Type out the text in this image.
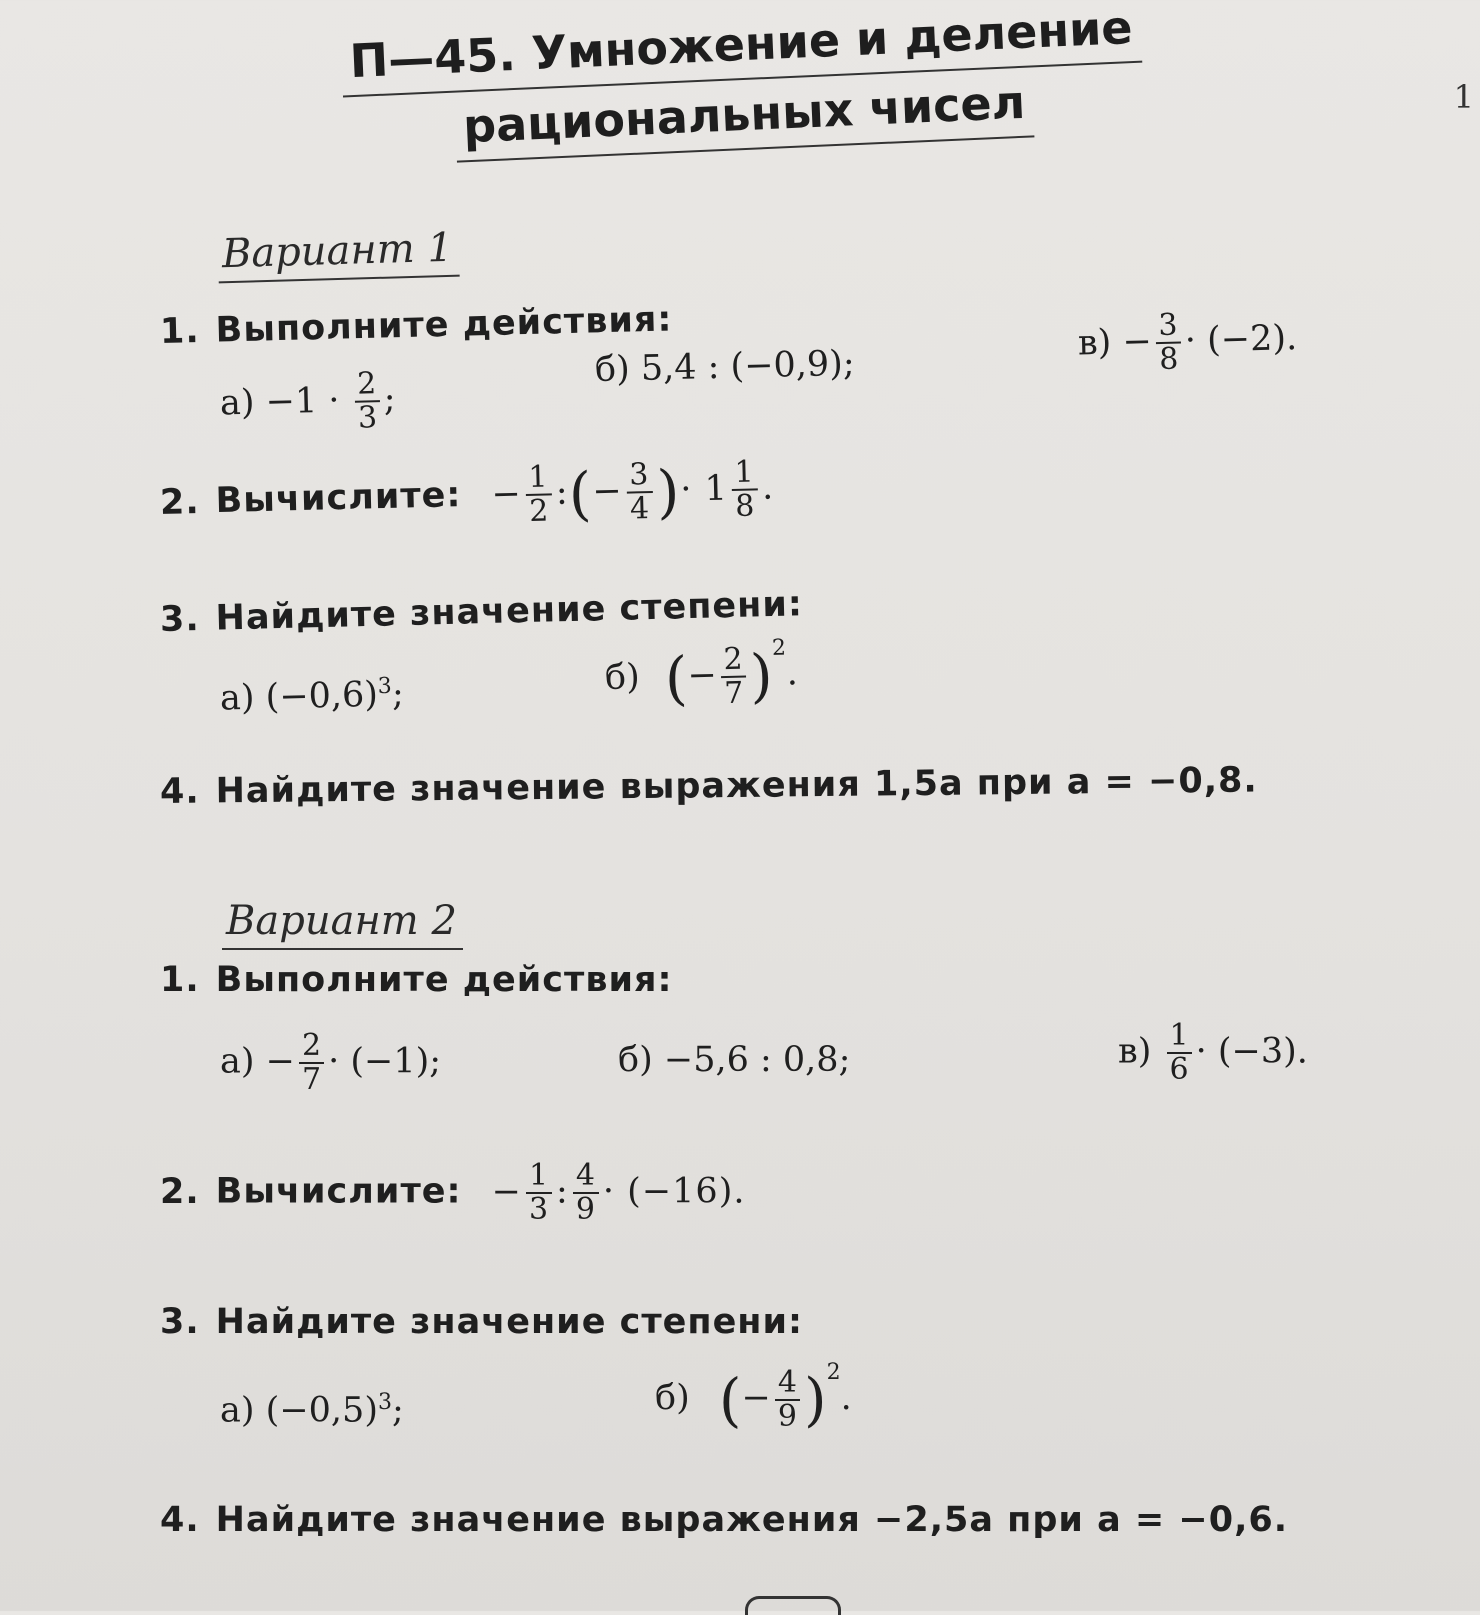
1
П—45. Умножение и деление
рациональных чисел
Вариант 1
1. Выполните действия:
$а) -1 \cdot \frac{2}{3}$ ;
б) 5,4 : (−0,9);
$в) - \frac{3}{8} \cdot (-2)$.
2. Вычислите: − $\frac{1}{2}$ :(− $\frac{3}{4}$ )· $1 \frac{1}{8}$ .
3. Найдите значение степени:
а) $(-0,6)^3$;	б) (− $\frac{2}{7} )^2$.
4. Найдите значение выражения 1,5a при a = −0,8.
Вариант 2
1. Выполните действия:
$а) - \frac{2}{7} \cdot (-1)$;	б) −5,6 : 0,8;	$в) \frac{1}{6} \cdot (-3)$.
2. Вычислите: − $\frac{1}{3}$ : $\frac{4}{9} \cdot (-16)$.
3. Найдите значение степени:
а) $(-0,5)^3$;	б) (− $\frac{4}{9} )^2$.
4. Найдите значение выражения −2,5a при a = −0,6.
